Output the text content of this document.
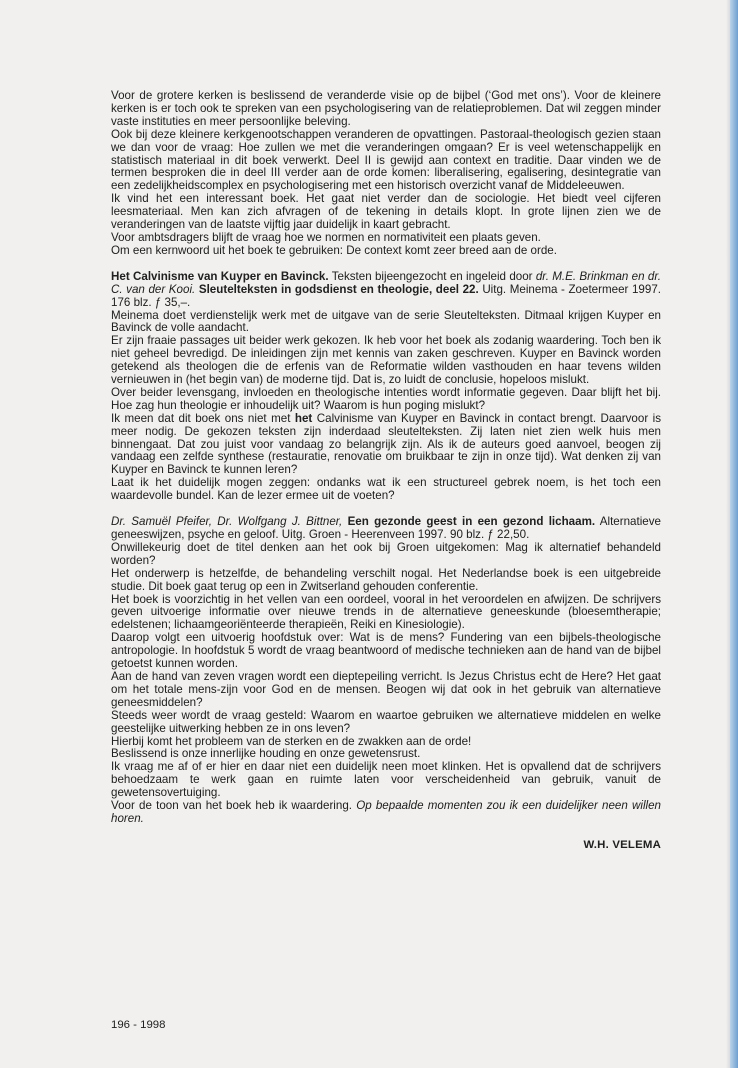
Voor de grotere kerken is beslissend de veranderde visie op de bijbel (‘God met ons’). Voor de kleinere kerken is er toch ook te spreken van een psychologisering van de relatieproblemen. Dat wil zeggen minder vaste instituties en meer persoonlijke beleving.

Ook bij deze kleinere kerkgenootschappen veranderen de opvattingen. Pastoraal-theologisch gezien staan we dan voor de vraag: Hoe zullen we met die veranderingen omgaan? Er is veel wetenschappelijk en statistisch materiaal in dit boek verwerkt. Deel II is gewijd aan context en traditie. Daar vinden we de termen besproken die in deel III verder aan de orde komen: liberalisering, egalisering, desintegratie van een zedelijkheidscomplex en psychologisering met een historisch overzicht vanaf de Middeleeuwen.

Ik vind het een interessant boek. Het gaat niet verder dan de sociologie. Het biedt veel cijferen leesmateriaal. Men kan zich afvragen of de tekening in details klopt. In grote lijnen zien we de veranderingen van de laatste vijftig jaar duidelijk in kaart gebracht.

Voor ambtsdragers blijft de vraag hoe we normen en normativiteit een plaats geven.

Om een kernwoord uit het boek te gebruiken: De context komt zeer breed aan de orde.

Het Calvinisme van Kuyper en Bavinck. Teksten bijeengezocht en ingeleid door dr. M.E. Brinkman en dr. C. van der Kooi. Sleutelteksten in godsdienst en theologie, deel 22. Uitg. Meinema - Zoetermeer 1997. 176 blz. ƒ 35,–.

Meinema doet verdienstelijk werk met de uitgave van de serie Sleutelteksten. Ditmaal krijgen Kuyper en Bavinck de volle aandacht.

Er zijn fraaie passages uit beider werk gekozen. Ik heb voor het boek als zodanig waardering. Toch ben ik niet geheel bevredigd. De inleidingen zijn met kennis van zaken geschreven. Kuyper en Bavinck worden getekend als theologen die de erfenis van de Reformatie wilden vasthouden en haar tevens wilden vernieuwen in (het begin van) de moderne tijd. Dat is, zo luidt de conclusie, hopeloos mislukt.

Over beider levensgang, invloeden en theologische intenties wordt informatie gegeven. Daar blijft het bij. Hoe zag hun theologie er inhoudelijk uit? Waarom is hun poging mislukt?

Ik meen dat dit boek ons niet met het Calvinisme van Kuyper en Bavinck in contact brengt. Daarvoor is meer nodig. De gekozen teksten zijn inderdaad sleutelteksten. Zij laten niet zien welk huis men binnengaat. Dat zou juist voor vandaag zo belangrijk zijn. Als ik de auteurs goed aanvoel, beogen zij vandaag een zelfde synthese (restauratie, renovatie om bruikbaar te zijn in onze tijd). Wat denken zij van Kuyper en Bavinck te kunnen leren?

Laat ik het duidelijk mogen zeggen: ondanks wat ik een structureel gebrek noem, is het toch een waardevolle bundel. Kan de lezer ermee uit de voeten?

Dr. Samuël Pfeifer, Dr. Wolfgang J. Bittner, Een gezonde geest in een gezond lichaam. Alternatieve geneeswijzen, psyche en geloof. Uitg. Groen - Heerenveen 1997. 90 blz. ƒ 22,50.

Onwillekeurig doet de titel denken aan het ook bij Groen uitgekomen: Mag ik alternatief behandeld worden?

Het onderwerp is hetzelfde, de behandeling verschilt nogal. Het Nederlandse boek is een uitgebreide studie. Dit boek gaat terug op een in Zwitserland gehouden conferentie.

Het boek is voorzichtig in het vellen van een oordeel, vooral in het veroordelen en afwijzen. De schrijvers geven uitvoerige informatie over nieuwe trends in de alternatieve geneeskunde (bloesemtherapie; edelstenen; lichaamgeoriënteerde therapieën, Reiki en Kinesiologie).

Daarop volgt een uitvoerig hoofdstuk over: Wat is de mens? Fundering van een bijbels-theologische antropologie. In hoofdstuk 5 wordt de vraag beantwoord of medische technieken aan de hand van de bijbel getoetst kunnen worden.

Aan de hand van zeven vragen wordt een dieptepeiling verricht. Is Jezus Christus echt de Here? Het gaat om het totale mens-zijn voor God en de mensen. Beogen wij dat ook in het gebruik van alternatieve geneesmiddelen?

Steeds weer wordt de vraag gesteld: Waarom en waartoe gebruiken we alternatieve middelen en welke geestelijke uitwerking hebben ze in ons leven?

Hierbij komt het probleem van de sterken en de zwakken aan de orde!

Beslissend is onze innerlijke houding en onze gewetensrust.

Ik vraag me af of er hier en daar niet een duidelijk neen moet klinken. Het is opvallend dat de schrijvers behoedzaam te werk gaan en ruimte laten voor verscheidenheid van gebruik, vanuit de gewetensovertuiging.

Voor de toon van het boek heb ik waardering. Op bepaalde momenten zou ik een duidelijker neen willen horen.

W.H. VELEMA
196 - 1998
